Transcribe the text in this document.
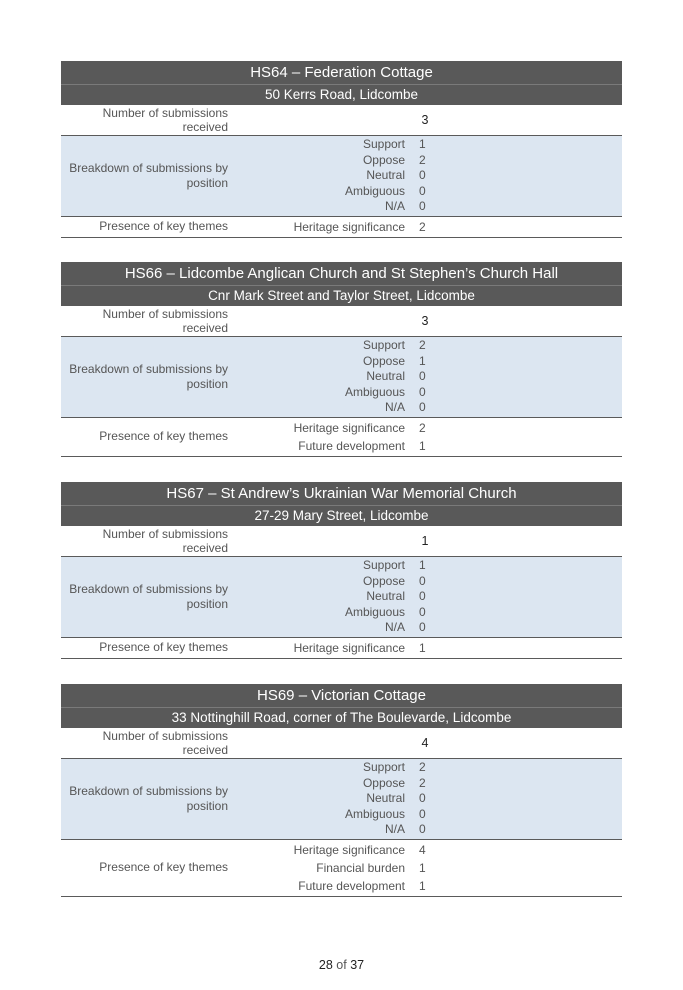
HS64 – Federation Cottage
50 Kerrs Road, Lidcombe
Number of submissions received	3
Breakdown of submissions by position
Support	1
Oppose	2
Neutral	0
Ambiguous	0
N/A	0
Presence of key themes	Heritage significance	2
HS66 – Lidcombe Anglican Church and St Stephen’s Church Hall
Cnr Mark Street and Taylor Street, Lidcombe
Number of submissions received	3
Breakdown of submissions by position
Support	2
Oppose	1
Neutral	0
Ambiguous	0
N/A	0
Presence of key themes
Heritage significance	2
Future development	1
HS67 – St Andrew’s Ukrainian War Memorial Church
27-29 Mary Street, Lidcombe
Number of submissions received	1
Breakdown of submissions by position
Support	1
Oppose	0
Neutral	0
Ambiguous	0
N/A	0
Presence of key themes	Heritage significance	1
HS69 – Victorian Cottage
33 Nottinghill Road, corner of The Boulevarde, Lidcombe
Number of submissions received	4
Breakdown of submissions by position
Support	2
Oppose	2
Neutral	0
Ambiguous	0
N/A	0
Presence of key themes
Heritage significance	4
Financial burden	1
Future development	1
28 of 37
